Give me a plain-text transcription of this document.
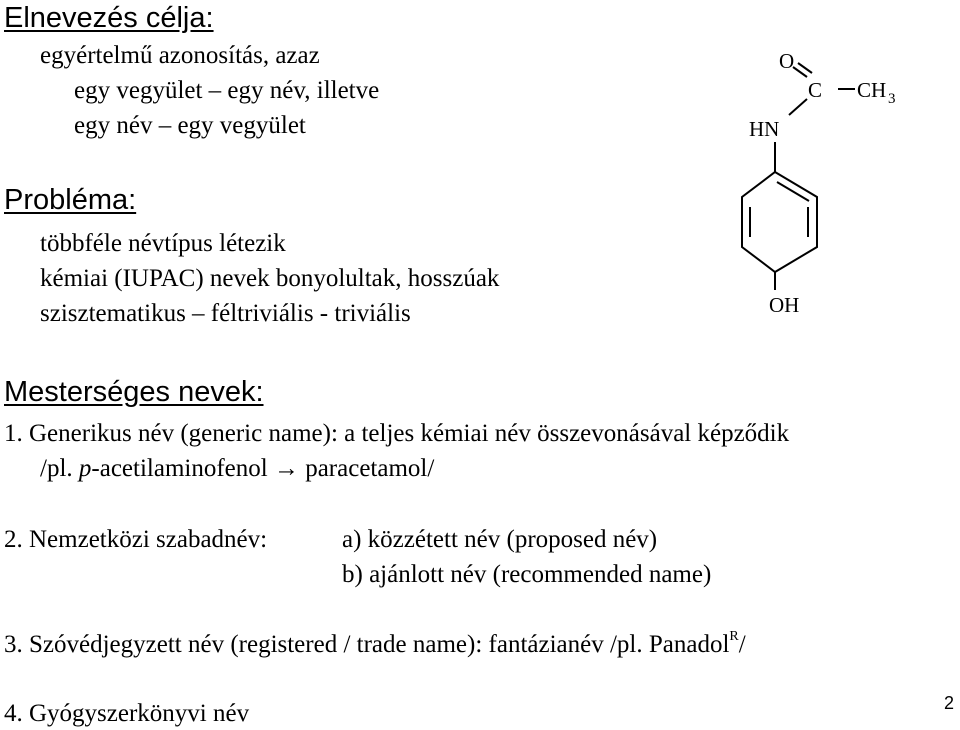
Elnevezés célja:
egyértelmű azonosítás, azaz
egy vegyület – egy név, illetve
egy név – egy vegyület
Probléma:
többféle névtípus létezik
kémiai (IUPAC) nevek bonyolultak, hosszúak
szisztematikus – féltriviális - triviális
Mesterséges nevek:
1. Generikus név (generic name): a teljes kémiai név összevonásával képződik
/pl. p-acetilaminofenol → paracetamol/
2. Nemzetközi szabadnév:	a) közzétett név (proposed név)
b) ajánlott név (recommended name)
3. Szóvédjegyzett név (registered / trade name): fantázianév /pl. Panadol$^R$/
4. Gyógyszerkönyvi név
O
C CH 3
HN
OH
2
